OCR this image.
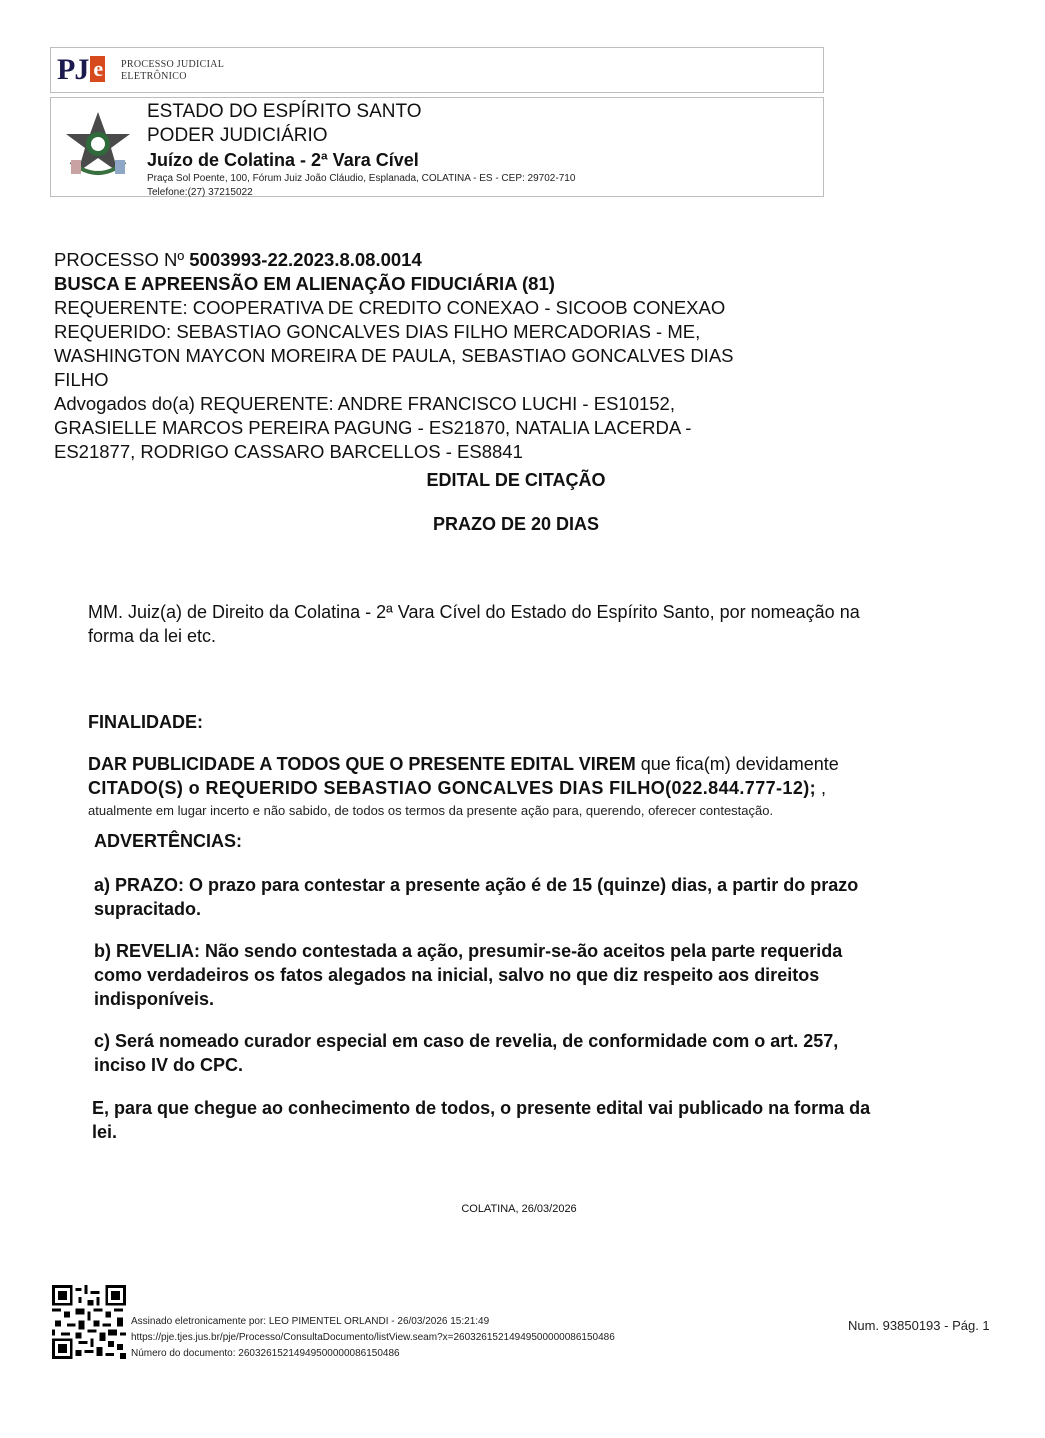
PJ e	PROCESSO JUDICIAL
ELETRÔNICO
ESTADO DO ESPÍRITO SANTO
PODER JUDICIÁRIO
Juízo de Colatina - 2ª Vara Cível
Praça Sol Poente, 100, Fórum Juiz João Cláudio, Esplanada, COLATINA - ES - CEP: 29702-710
Telefone:(27) 37215022
PROCESSO Nº 5003993-22.2023.8.08.0014
BUSCA E APREENSÃO EM ALIENAÇÃO FIDUCIÁRIA (81)
REQUERENTE: COOPERATIVA DE CREDITO CONEXAO - SICOOB CONEXAO
REQUERIDO: SEBASTIAO GONCALVES DIAS FILHO MERCADORIAS - ME,
WASHINGTON MAYCON MOREIRA DE PAULA, SEBASTIAO GONCALVES DIAS
FILHO
Advogados do(a) REQUERENTE: ANDRE FRANCISCO LUCHI - ES10152,
GRASIELLE MARCOS PEREIRA PAGUNG - ES21870, NATALIA LACERDA -
ES21877, RODRIGO CASSARO BARCELLOS - ES8841
EDITAL DE CITAÇÃO
PRAZO DE 20 DIAS
MM. Juiz(a) de Direito da Colatina - 2ª Vara Cível do Estado do Espírito Santo, por nomeação na
forma da lei etc.
FINALIDADE:
DAR PUBLICIDADE A TODOS QUE O PRESENTE EDITAL VIREM que fica(m) devidamente
CITADO(S) o REQUERIDO SEBASTIAO GONCALVES DIAS FILHO(022.844.777-12); ,
atualmente em lugar incerto e não sabido, de todos os termos da presente ação para, querendo, oferecer contestação.
ADVERTÊNCIAS:
a) PRAZO: O prazo para contestar a presente ação é de 15 (quinze) dias, a partir do prazo
supracitado.
b) REVELIA: Não sendo contestada a ação, presumir-se-ão aceitos pela parte requerida
como verdadeiros os fatos alegados na inicial, salvo no que diz respeito aos direitos
indisponíveis.
c) Será nomeado curador especial em caso de revelia, de conformidade com o art. 257,
inciso IV do CPC.
E, para que chegue ao conhecimento de todos, o presente edital vai publicado na forma da
lei.
COLATINA, 26/03/2026
Assinado eletronicamente por: LEO PIMENTEL ORLANDI - 26/03/2026 15:21:49
https://pje.tjes.jus.br/pje/Processo/ConsultaDocumento/listView.seam?x=26032615214949500000086150486
Número do documento: 26032615214949500000086150486
Num. 93850193 - Pág. 1
